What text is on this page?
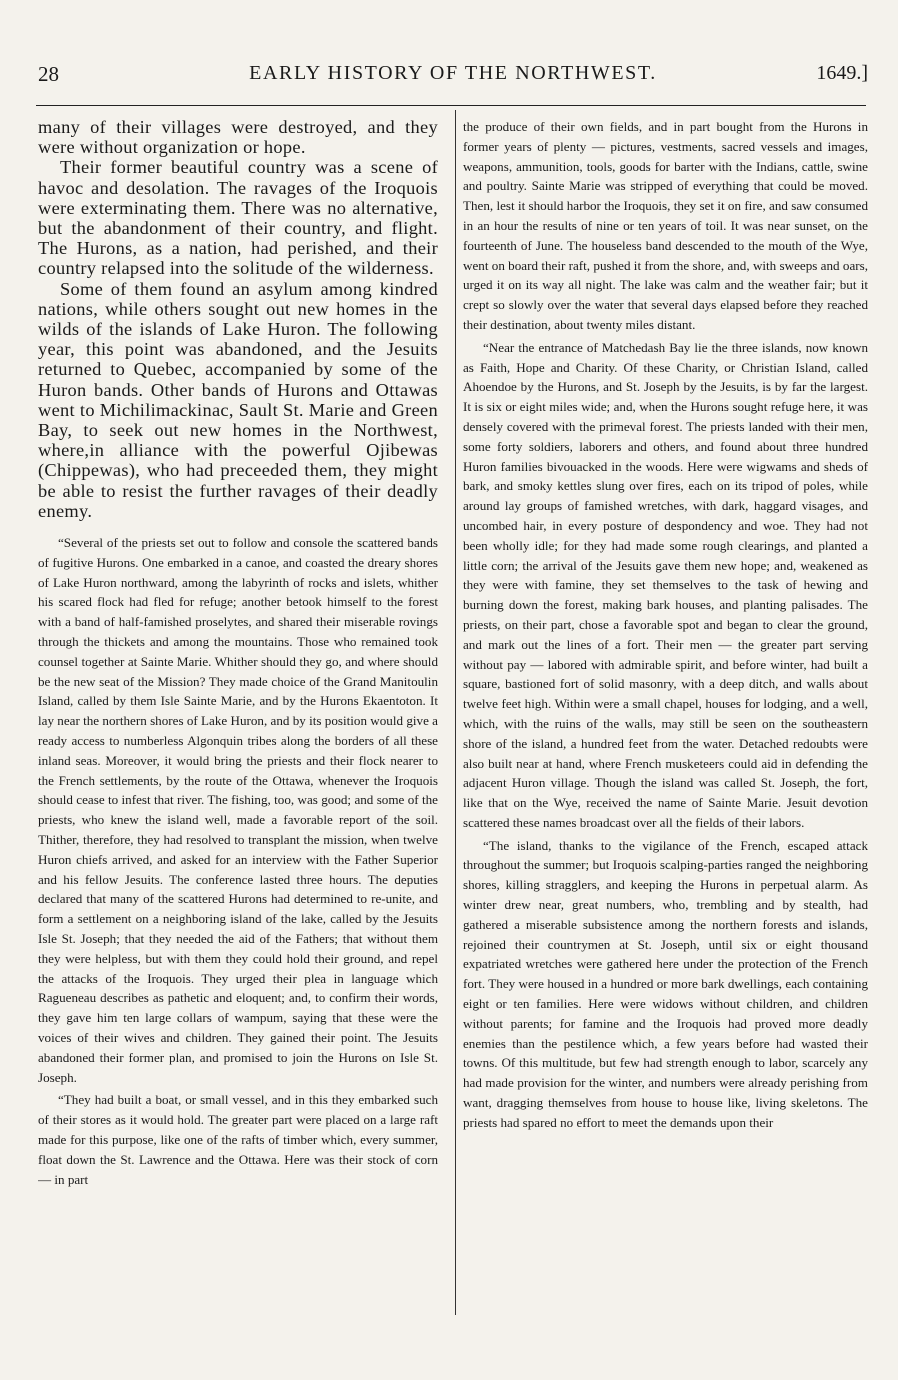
28	EARLY HISTORY OF THE NORTHWEST.	1649.]

many of their villages were destroyed, and they were without organization or hope.

Their former beautiful country was a scene of havoc and desolation. The ravages of the Iroquois were exterminating them. There was no alternative, but the abandonment of their country, and flight. The Hurons, as a nation, had perished, and their country relapsed into the solitude of the wilderness.

Some of them found an asylum among kindred nations, while others sought out new homes in the wilds of the islands of Lake Huron. The following year, this point was abandoned, and the Jesuits returned to Quebec, accompanied by some of the Huron bands. Other bands of Hurons and Ottawas went to Michilimackinac, Sault St. Marie and Green Bay, to seek out new homes in the Northwest, where,in alliance with the powerful Ojibewas (Chippewas), who had preceeded them, they might be able to resist the further ravages of their deadly enemy.

“Several of the priests set out to follow and console the scattered bands of fugitive Hurons. One embarked in a canoe, and coasted the dreary shores of Lake Huron northward, among the labyrinth of rocks and islets, whither his scared flock had fled for refuge; another betook himself to the forest with a band of half-famished proselytes, and shared their miserable rovings through the thickets and among the mountains. Those who remained took counsel together at Sainte Marie. Whither should they go, and where should be the new seat of the Mission? They made choice of the Grand Manitoulin Island, called by them Isle Sainte Marie, and by the Hurons Ekaentoton. It lay near the northern shores of Lake Huron, and by its position would give a ready access to numberless Algonquin tribes along the borders of all these inland seas. Moreover, it would bring the priests and their flock nearer to the French settlements, by the route of the Ottawa, whenever the Iroquois should cease to infest that river. The fishing, too, was good; and some of the priests, who knew the island well, made a favorable report of the soil. Thither, therefore, they had resolved to transplant the mission, when twelve Huron chiefs arrived, and asked for an interview with the Father Superior and his fellow Jesuits. The conference lasted three hours. The deputies declared that many of the scattered Hurons had determined to re-unite, and form a settlement on a neighboring island of the lake, called by the Jesuits Isle St. Joseph; that they needed the aid of the Fathers; that without them they were helpless, but with them they could hold their ground, and repel the attacks of the Iroquois. They urged their plea in language which Ragueneau describes as pathetic and eloquent; and, to confirm their words, they gave him ten large collars of wampum, saying that these were the voices of their wives and children. They gained their point. The Jesuits abandoned their former plan, and promised to join the Hurons on Isle St. Joseph.

“They had built a boat, or small vessel, and in this they embarked such of their stores as it would hold. The greater part were placed on a large raft made for this purpose, like one of the rafts of timber which, every summer, float down the St. Lawrence and the Ottawa. Here was their stock of corn — in part

the produce of their own fields, and in part bought from the Hurons in former years of plenty — pictures, vestments, sacred vessels and images, weapons, ammunition, tools, goods for barter with the Indians, cattle, swine and poultry. Sainte Marie was stripped of everything that could be moved. Then, lest it should harbor the Iroquois, they set it on fire, and saw consumed in an hour the results of nine or ten years of toil. It was near sunset, on the fourteenth of June. The houseless band descended to the mouth of the Wye, went on board their raft, pushed it from the shore, and, with sweeps and oars, urged it on its way all night. The lake was calm and the weather fair; but it crept so slowly over the water that several days elapsed before they reached their destination, about twenty miles distant.

“Near the entrance of Matchedash Bay lie the three islands, now known as Faith, Hope and Charity. Of these Charity, or Christian Island, called Ahoendoe by the Hurons, and St. Joseph by the Jesuits, is by far the largest. It is six or eight miles wide; and, when the Hurons sought refuge here, it was densely covered with the primeval forest. The priests landed with their men, some forty soldiers, laborers and others, and found about three hundred Huron families bivouacked in the woods. Here were wigwams and sheds of bark, and smoky kettles slung over fires, each on its tripod of poles, while around lay groups of famished wretches, with dark, haggard visages, and uncombed hair, in every posture of despondency and woe. They had not been wholly idle; for they had made some rough clearings, and planted a little corn; the arrival of the Jesuits gave them new hope; and, weakened as they were with famine, they set themselves to the task of hewing and burning down the forest, making bark houses, and planting palisades. The priests, on their part, chose a favorable spot and began to clear the ground, and mark out the lines of a fort. Their men — the greater part serving without pay — labored with admirable spirit, and before winter, had built a square, bastioned fort of solid masonry, with a deep ditch, and walls about twelve feet high. Within were a small chapel, houses for lodging, and a well, which, with the ruins of the walls, may still be seen on the southeastern shore of the island, a hundred feet from the water. Detached redoubts were also built near at hand, where French musketeers could aid in defending the adjacent Huron village. Though the island was called St. Joseph, the fort, like that on the Wye, received the name of Sainte Marie. Jesuit devotion scattered these names broadcast over all the fields of their labors.

“The island, thanks to the vigilance of the French, escaped attack throughout the summer; but Iroquois scalping-parties ranged the neighboring shores, killing stragglers, and keeping the Hurons in perpetual alarm. As winter drew near, great numbers, who, trembling and by stealth, had gathered a miserable subsistence among the northern forests and islands, rejoined their countrymen at St. Joseph, until six or eight thousand expatriated wretches were gathered here under the protection of the French fort. They were housed in a hundred or more bark dwellings, each containing eight or ten families. Here were widows without children, and children without parents; for famine and the Iroquois had proved more deadly enemies than the pestilence which, a few years before had wasted their towns. Of this multitude, but few had strength enough to labor, scarcely any had made provision for the winter, and numbers were already perishing from want, dragging themselves from house to house like, living skeletons. The priests had spared no effort to meet the demands upon their
